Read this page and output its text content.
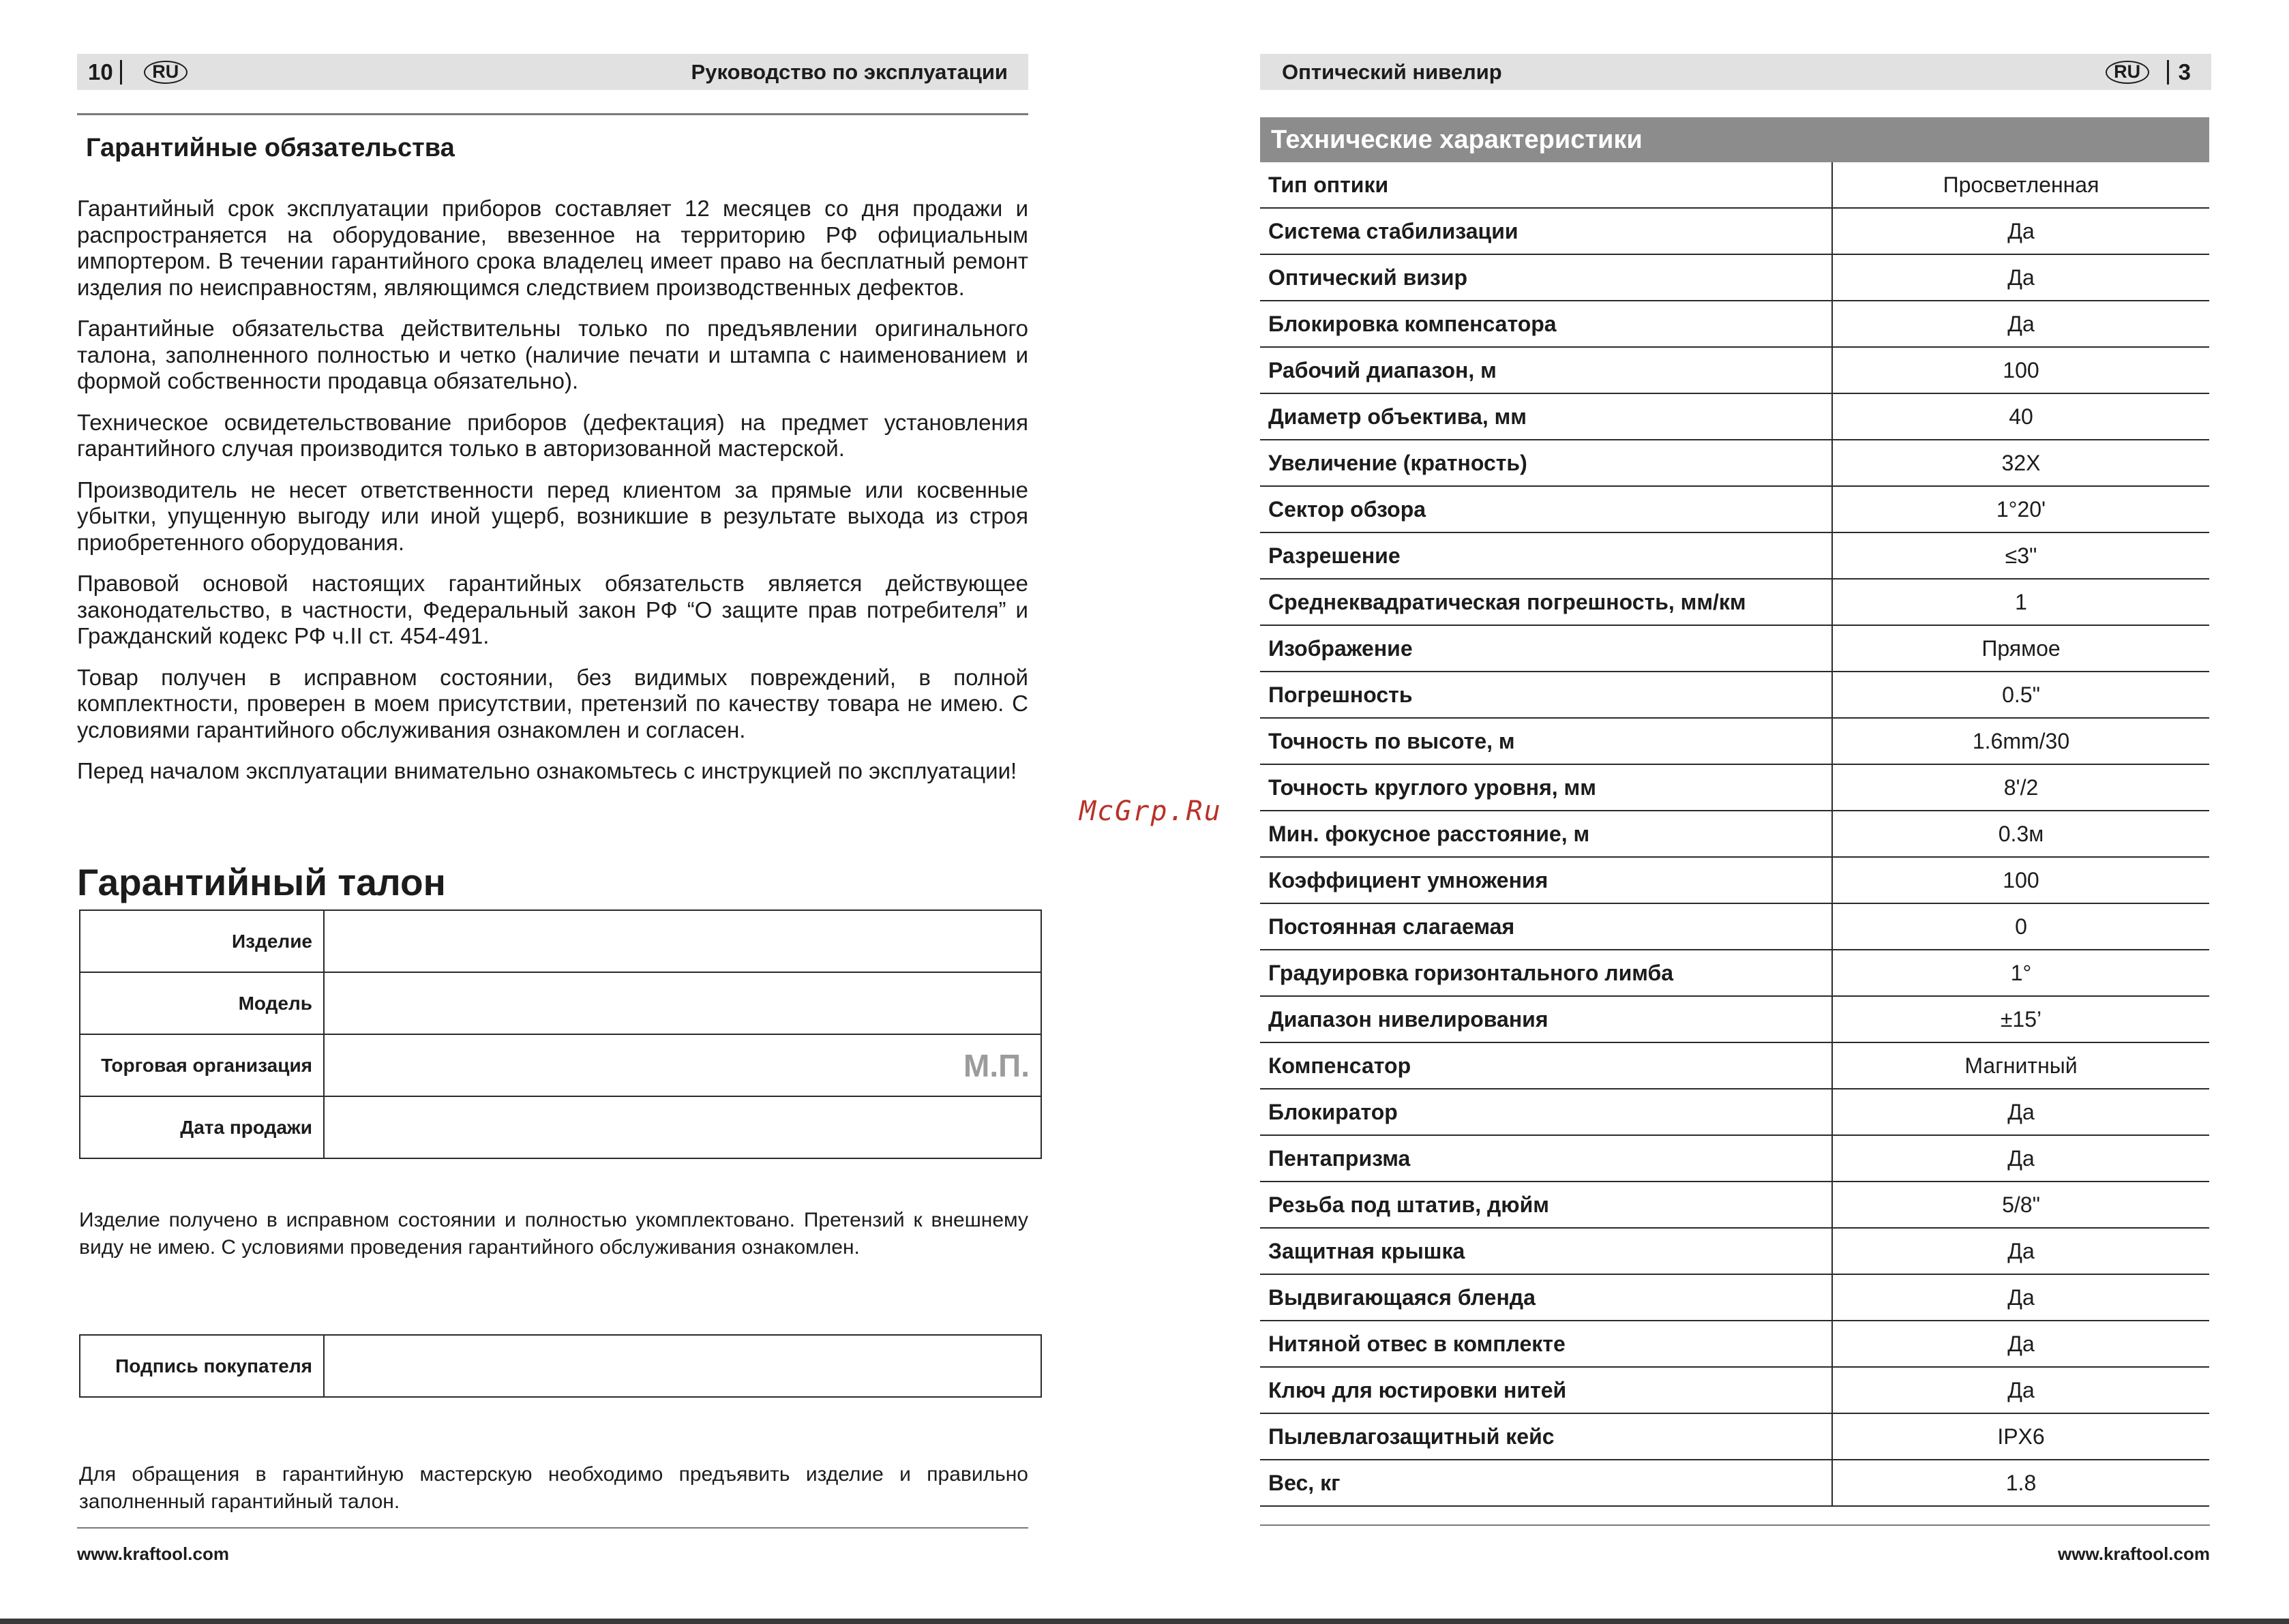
10	RU	Руководство по эксплуатации
Гарантийные обязательства

Гарантийный срок эксплуатации приборов составляет 12 месяцев со дня продажи и распространяется на оборудование, ввезенное на территорию РФ официальным импортером. В течении гарантийного срока владелец имеет право на бесплатный ремонт изделия по неисправностям, являющимся следствием производственных дефектов.

Гарантийные обязательства действительны только по предъявлении оригинального талона, заполненного полностью и четко (наличие печати и штампа с наименованием и формой собственности продавца обязательно).

Техническое освидетельствование приборов (дефектация) на предмет установления гарантийного случая производится только в авторизованной мастерской.

Производитель не несет ответственности перед клиентом за прямые или косвенные убытки, упущенную выгоду или иной ущерб, возникшие в результате выхода из строя приобретенного оборудования.

Правовой основой настоящих гарантийных обязательств является действующее законодательство, в частности, Федеральный закон РФ “О защите прав потребителя” и Гражданский кодекс РФ ч.II ст. 454-491.

Товар получен в исправном состоянии, без видимых повреждений, в полной комплектности, проверен в моем присутствии, претензий по качеству товара не имею. С условиями гарантийного обслуживания ознакомлен и согласен.

Перед началом эксплуатации внимательно ознакомьтесь с инструкцией по эксплуатации!

Гарантийный талон
Изделие	
Модель	
Торговая организация	М.П.

Дата продажи	
Изделие получено в исправном состоянии и полностью укомплектовано. Претензий к внешнему виду не имею. С условиями проведения гарантийного обслуживания ознакомлен.
Подпись покупателя	
Для обращения в гарантийную мастерскую необходимо предъявить изделие и правильно заполненный гарантийный талон.
www.kraftool.com
McGrp.Ru
Оптический нивелир	RU	3
www.kraftool.com
Технические характеристики
Тип оптики	Просветленная
Система стабилизации	Да
Оптический визир	Да
Блокировка компенсатора	Да
Рабочий диапазон, м	100
Диаметр объектива, мм	40
Увеличение (кратность)	32X
Сектор обзора	1°20'
Разрешение	≤3"
Среднеквадратическая погрешность, мм/км	1
Изображение	Прямое
Погрешность	0.5"
Точность по высоте, м	1.6mm/30
Точность круглого уровня, мм	8'/2
Мин. фокусное расстояние, м	0.3м
Коэффициент умножения	100
Постоянная слагаемая	0
Градуировка горизонтального лимба	1°
Диапазон нивелирования	±15’
Компенсатор	Магнитный
Блокиратор	Да
Пентапризма	Да
Резьба под штатив, дюйм	5/8"
Защитная крышка	Да
Выдвигающаяся бленда	Да
Нитяной отвес в комплекте	Да
Ключ для юстировки нитей	Да
Пылевлагозащитный кейс	IPX6
Вес, кг	1.8
